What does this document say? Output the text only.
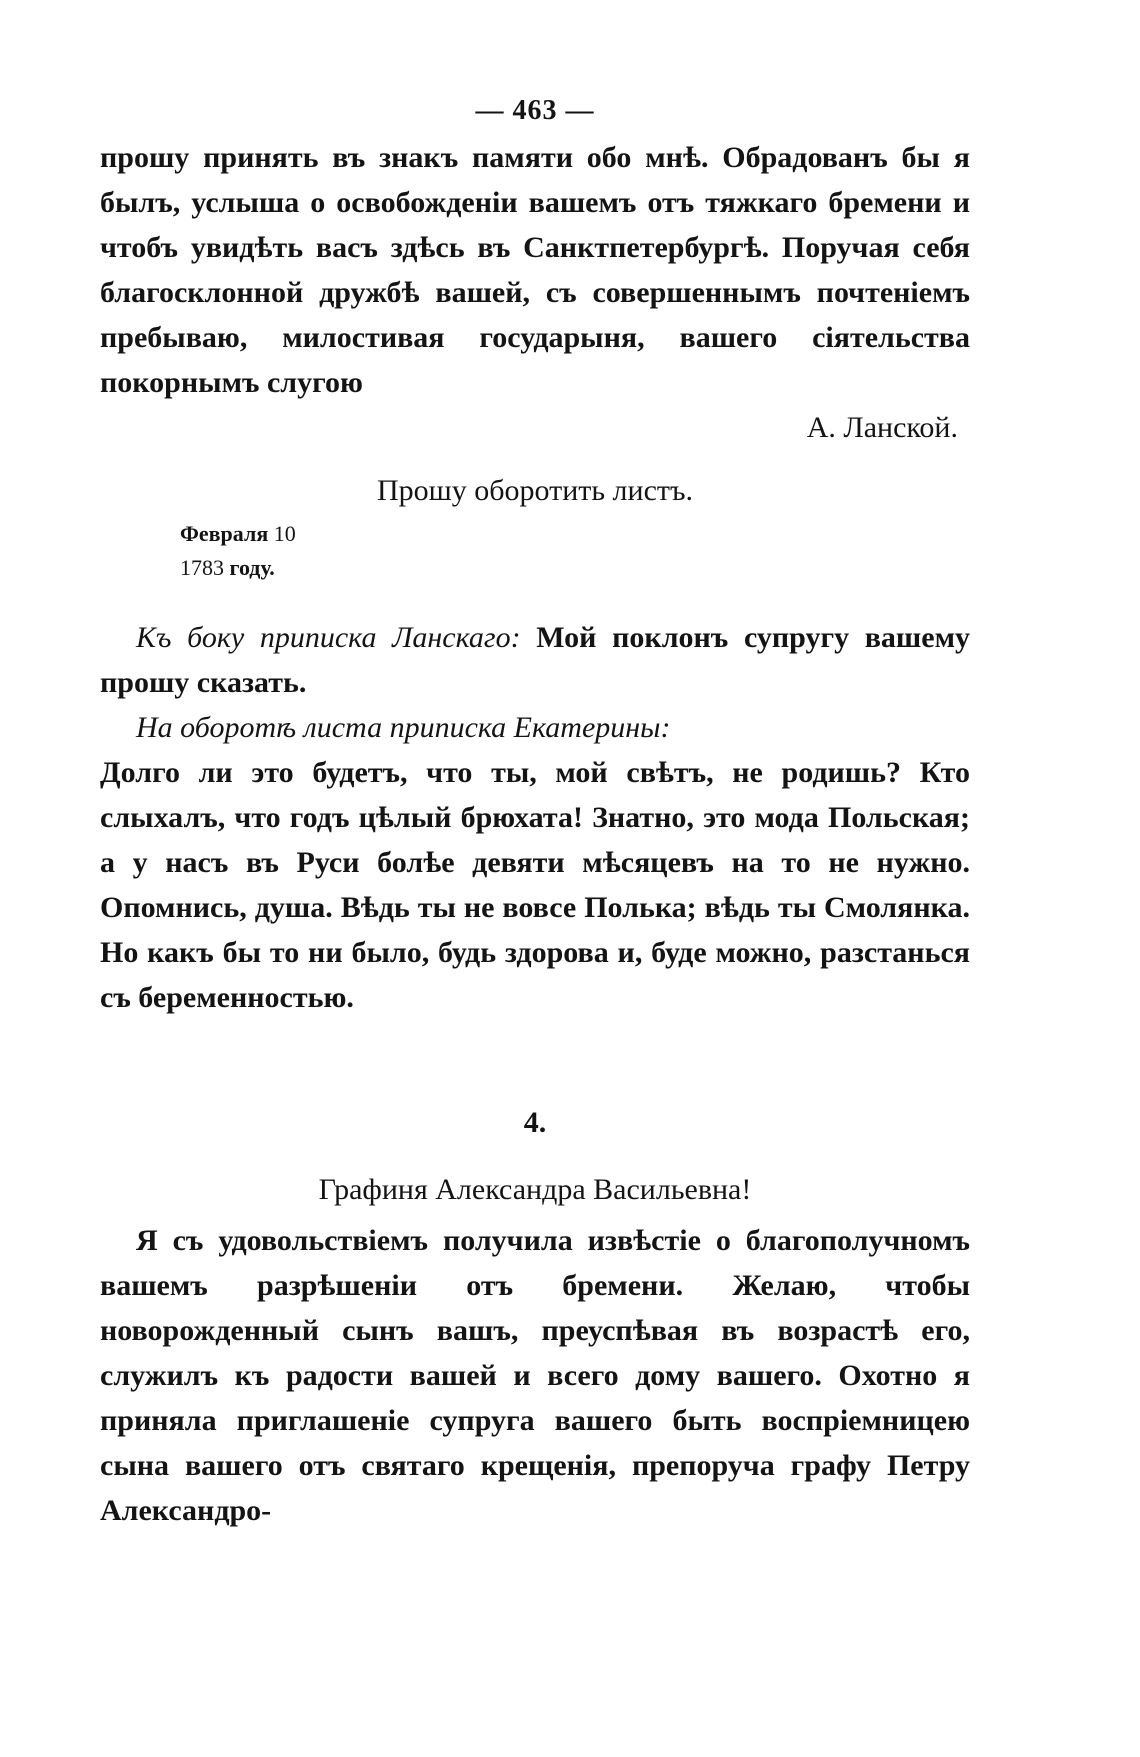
— 463 —

прошу принять въ знакъ памяти обо мнѣ. Обрадованъ бы я былъ, услыша о освобожденіи вашемъ отъ тяжкаго бремени и чтобъ увидѣть васъ здѣсь въ Санктпетербургѣ. Поручая себя благосклонной дружбѣ вашей, съ совершеннымъ почтеніемъ пребываю, милостивая государыня, вашего сіятельства покорнымъ слугою

А. Ланской.

Прошу оборотить листъ.

Февраля 10
1783 году.

Къ боку приписка Ланскаго: Мой поклонъ супругу вашему прошу сказать.

На оборотѣ листа приписка Екатерины:

Долго ли это будетъ, что ты, мой свѣтъ, не родишь? Кто слыхалъ, что годъ цѣлый брюхата! Знатно, это мода Польская; а у насъ въ Руси болѣе девяти мѣсяцевъ на то не нужно. Опомнись, душа. Вѣдь ты не вовсе Полька; вѣдь ты Смолянка. Но какъ бы то ни было, будь здорова и, буде можно, разстанься съ беременностью.

4.

Графиня Александра Васильевна!

Я съ удовольствіемъ получила извѣстіе о благополучномъ вашемъ разрѣшеніи отъ бремени. Желаю, чтобы новорожденный сынъ вашъ, преуспѣвая въ возрастѣ его, служилъ къ радости вашей и всего дому вашего. Охотно я приняла приглашеніе супруга вашего быть воспріемницею сына вашего отъ святаго крещенія, препоруча графу Петру Александро-
